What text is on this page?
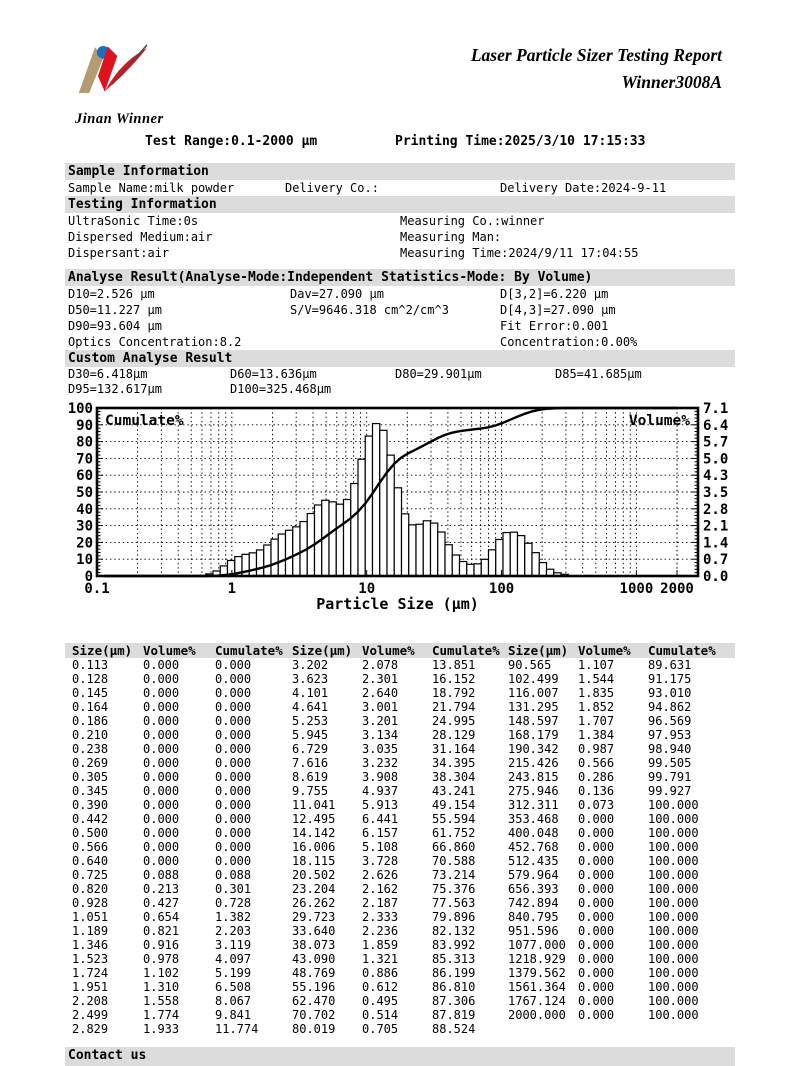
Jinan Winner
Laser Particle Sizer Testing Report
Winner3008A
Test Range:0.1-2000 μm	Printing Time:2025/3/10 17:15:33
Sample Information
Sample Name:milk powder	Delivery Co.:	Delivery Date:2024-9-11
Testing Information
UltraSonic Time:0s	Measuring Co.:winner
Dispersed Medium:air	Measuring Man:
Dispersant:air	Measuring Time:2024/9/11 17:04:55
Analyse Result(Analyse-Mode:Independent Statistics-Mode: By Volume)
D10=2.526 μm	Dav=27.090 μm	D[3,2]=6.220 μm
D50=11.227 μm	S/V=9646.318 cm^2/cm^3	D[4,3]=27.090 μm
D90=93.604 μm	Fit Error:0.001
Optics Concentration:8.2	Concentration:0.00%
Custom Analyse Result
D30=6.418μm	D60=13.636μm	D80=29.901μm	D85=41.685μm
D95=132.617μm	D100=325.468μm
0
10
20
30
40
50
60
70
80
90
100
0.0
0.7
1.4
2.1
2.8
3.5
4.3
5.0
5.7
6.4
7.1
0.1	1	10	100	1000 2000
Cumulate%	Volume%
Particle Size (μm)
Size(μm) Volume%	Cumulate% Size(μm) Volume%	Cumulate% Size(μm) Volume%	Cumulate%
0.113	0.000	0.000	3.202	2.078	13.851	90.565	1.107	89.631
0.128	0.000	0.000	3.623	2.301	16.152	102.499	1.544	91.175
0.145	0.000	0.000	4.101	2.640	18.792	116.007	1.835	93.010
0.164	0.000	0.000	4.641	3.001	21.794	131.295	1.852	94.862
0.186	0.000	0.000	5.253	3.201	24.995	148.597	1.707	96.569
0.210	0.000	0.000	5.945	3.134	28.129	168.179	1.384	97.953
0.238	0.000	0.000	6.729	3.035	31.164	190.342	0.987	98.940
0.269	0.000	0.000	7.616	3.232	34.395	215.426	0.566	99.505
0.305	0.000	0.000	8.619	3.908	38.304	243.815	0.286	99.791
0.345	0.000	0.000	9.755	4.937	43.241	275.946	0.136	99.927
0.390	0.000	0.000	11.041	5.913	49.154	312.311	0.073	100.000
0.442	0.000	0.000	12.495	6.441	55.594	353.468	0.000	100.000
0.500	0.000	0.000	14.142	6.157	61.752	400.048	0.000	100.000
0.566	0.000	0.000	16.006	5.108	66.860	452.768	0.000	100.000
0.640	0.000	0.000	18.115	3.728	70.588	512.435	0.000	100.000
0.725	0.088	0.088	20.502	2.626	73.214	579.964	0.000	100.000
0.820	0.213	0.301	23.204	2.162	75.376	656.393	0.000	100.000
0.928	0.427	0.728	26.262	2.187	77.563	742.894	0.000	100.000
1.051	0.654	1.382	29.723	2.333	79.896	840.795	0.000	100.000
1.189	0.821	2.203	33.640	2.236	82.132	951.596	0.000	100.000
1.346	0.916	3.119	38.073	1.859	83.992	1077.000	0.000	100.000
1.523	0.978	4.097	43.090	1.321	85.313	1218.929	0.000	100.000
1.724	1.102	5.199	48.769	0.886	86.199	1379.562	0.000	100.000
1.951	1.310	6.508	55.196	0.612	86.810	1561.364	0.000	100.000
2.208	1.558	8.067	62.470	0.495	87.306	1767.124	0.000	100.000
2.499	1.774	9.841	70.702	0.514	87.819	2000.000	0.000	100.000
2.829	1.933	11.774	80.019	0.705	88.524
Contact us
